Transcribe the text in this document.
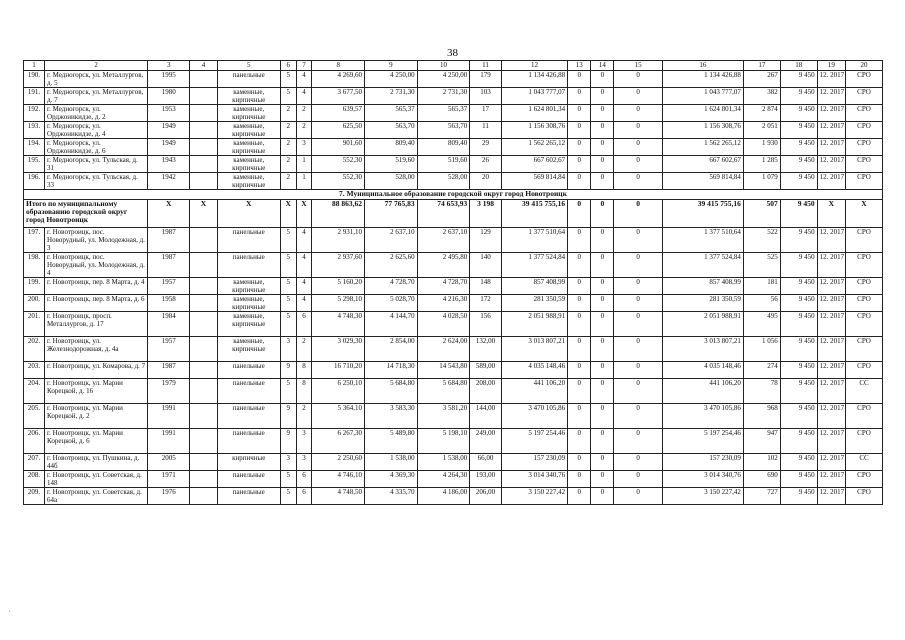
38
1	2	3	4	5	6	7	8	9	10	11	12	13	14	15	16	17	18	19	20
190.	г. Медногорск, ул. Металлургов, д. 5	1995		панельные	5	4	4 269,60	4 250,00	4 250,00	179	1 134 426,88	0	0	0	1 134 426,88	267	9 450	12. 2017	СРО
191.	г. Медногорск, ул. Металлургов, д. 7	1980		каменные, кирпичные	5	4	3 677,50	2 731,30	2 731,30	103	1 043 777,07	0	0	0	1 043 777,07	382	9 450	12. 2017	СРО
192.	г. Медногорск, ул. Орджоникидзе, д. 2	1953		каменные, кирпичные	2	2	639,57	565,37	565,37	17	1 624 801,34	0	0	0	1 624 801,34	2 874	9 450	12. 2017	СРО
193.	г. Медногорск, ул. Орджоникидзе, д. 4	1949		каменные, кирпичные	2	2	625,50	563,70	563,70	11	1 156 308,76	0	0	0	1 156 308,76	2 051	9 450	12. 2017	СРО
194.	г. Медногорск, ул. Орджоникидзе, д. 6	1949		каменные, кирпичные	2	3	901,60	809,40	809,40	29	1 562 265,12	0	0	0	1 562 265,12	1 930	9 450	12. 2017	СРО
195.	г. Медногорск, ул. Тульская, д. 31	1943		каменные, кирпичные	2	1	552,30	519,60	519,60	26	667 602,67	0	0	0	667 602,67	1 285	9 450	12. 2017	СРО
196.	г. Медногорск, ул. Тульская, д. 33	1942		каменные, кирпичные	2	1	552,30	528,00	528,00	20	569 814,84	0	0	0	569 814,84	1 079	9 450	12. 2017	СРО
7. Муниципальное образование городской округ город Новотроицк																			
Итого по муниципальному образованию городской округ город Новотроицк		X	X	X	X	X	88 863,62	77 765,83	74 653,93	3 198	39 415 755,16	0	0	0	39 415 755,16	507	9 450	X	X
197.	г. Новотроицк, пос. Новорудный, ул. Молодежная, д. 3	1987		панельные	5	4	2 931,10	2 637,10	2 637,10	129	1 377 510,64	0	0	0	1 377 510,64	522	9 450	12. 2017	СРО
198.	г. Новотроицк, пос. Новорудный, ул. Молодежная, д. 4	1987		панельные	5	4	2 937,60	2 625,60	2 495,80	140	1 377 524,84	0	0	0	1 377 524,84	525	9 450	12. 2017	СРО
199.	г. Новотроицк, пер. 8 Марта, д. 4	1957		каменные, кирпичные	5	4	5 160,20	4 728,70	4 728,70	148	857 408,99	0	0	0	857 408,99	181	9 450	12. 2017	СРО
200.	г. Новотроицк, пер. 8 Марта, д. 6	1958		каменные, кирпичные	5	4	5 298,10	5 028,70	4 216,30	172	281 350,59	0	0	0	281 350,59	56	9 450	12. 2017	СРО
201.	г. Новотроицк, просп. Металлургов, д. 17	1984		каменные, кирпичные	5	6	4 748,30	4 144,70	4 028,50	156	2 051 988,91	0	0	0	2 051 988,91	495	9 450	12. 2017	СРО
202.	г. Новотроицк, ул. Железнодорожная, д. 4а	1957		каменные, кирпичные	3	2	3 029,30	2 854,00	2 624,00	132,00	3 013 807,21	0	0	0	3 013 807,21	1 056	9 450	12. 2017	СРО
203.	г. Новотроицк, ул. Комарова, д. 7	1987		панельные	9	8	16 710,20	14 718,30	14 543,80	589,00	4 035 148,46	0	0	0	4 035 148,46	274	9 450	12. 2017	СРО
204.	г. Новотроицк, ул. Марии Корецкой, д. 16	1979		панельные	5	8	6 250,10	5 684,80	5 684,80	208,00	441 106,20	0	0	0	441 106,20	78	9 450	12. 2017	СС
205.	г. Новотроицк, ул. Марии Корецкой, д. 2	1991		панельные	9	2	5 364,10	3 583,30	3 581,20	144,00	3 470 105,86	0	0	0	3 470 105,86	968	9 450	12. 2017	СРО
206.	г. Новотроицк, ул. Марии Корецкой, д. 6	1991		панельные	9	3	6 267,30	5 489,80	5 198,10	249,00	5 197 254,46	0	0	0	5 197 254,46	947	9 450	12. 2017	СРО
207.	г. Новотроицк, ул. Пушкина, д. 44б	2005		кирпичные	3	3	2 250,60	1 538,00	1 538,00	66,00	157 230,09	0	0	0	157 230,09	102	9 450	12. 2017	СС
208.	г. Новотроицк, ул. Советская, д. 148	1971		панельные	5	6	4 746,10	4 369,30	4 264,30	193,00	3 014 340,76	0	0	0	3 014 340,76	690	9 450	12. 2017	СРО
209.	г. Новотроицк, ул. Советская, д. 64а	1976		панельные	5	6	4 748,50	4 335,70	4 186,00	206,00	3 150 227,42	0	0	0	3 150 227,42	727	9 450	12. 2017	СРО
·
